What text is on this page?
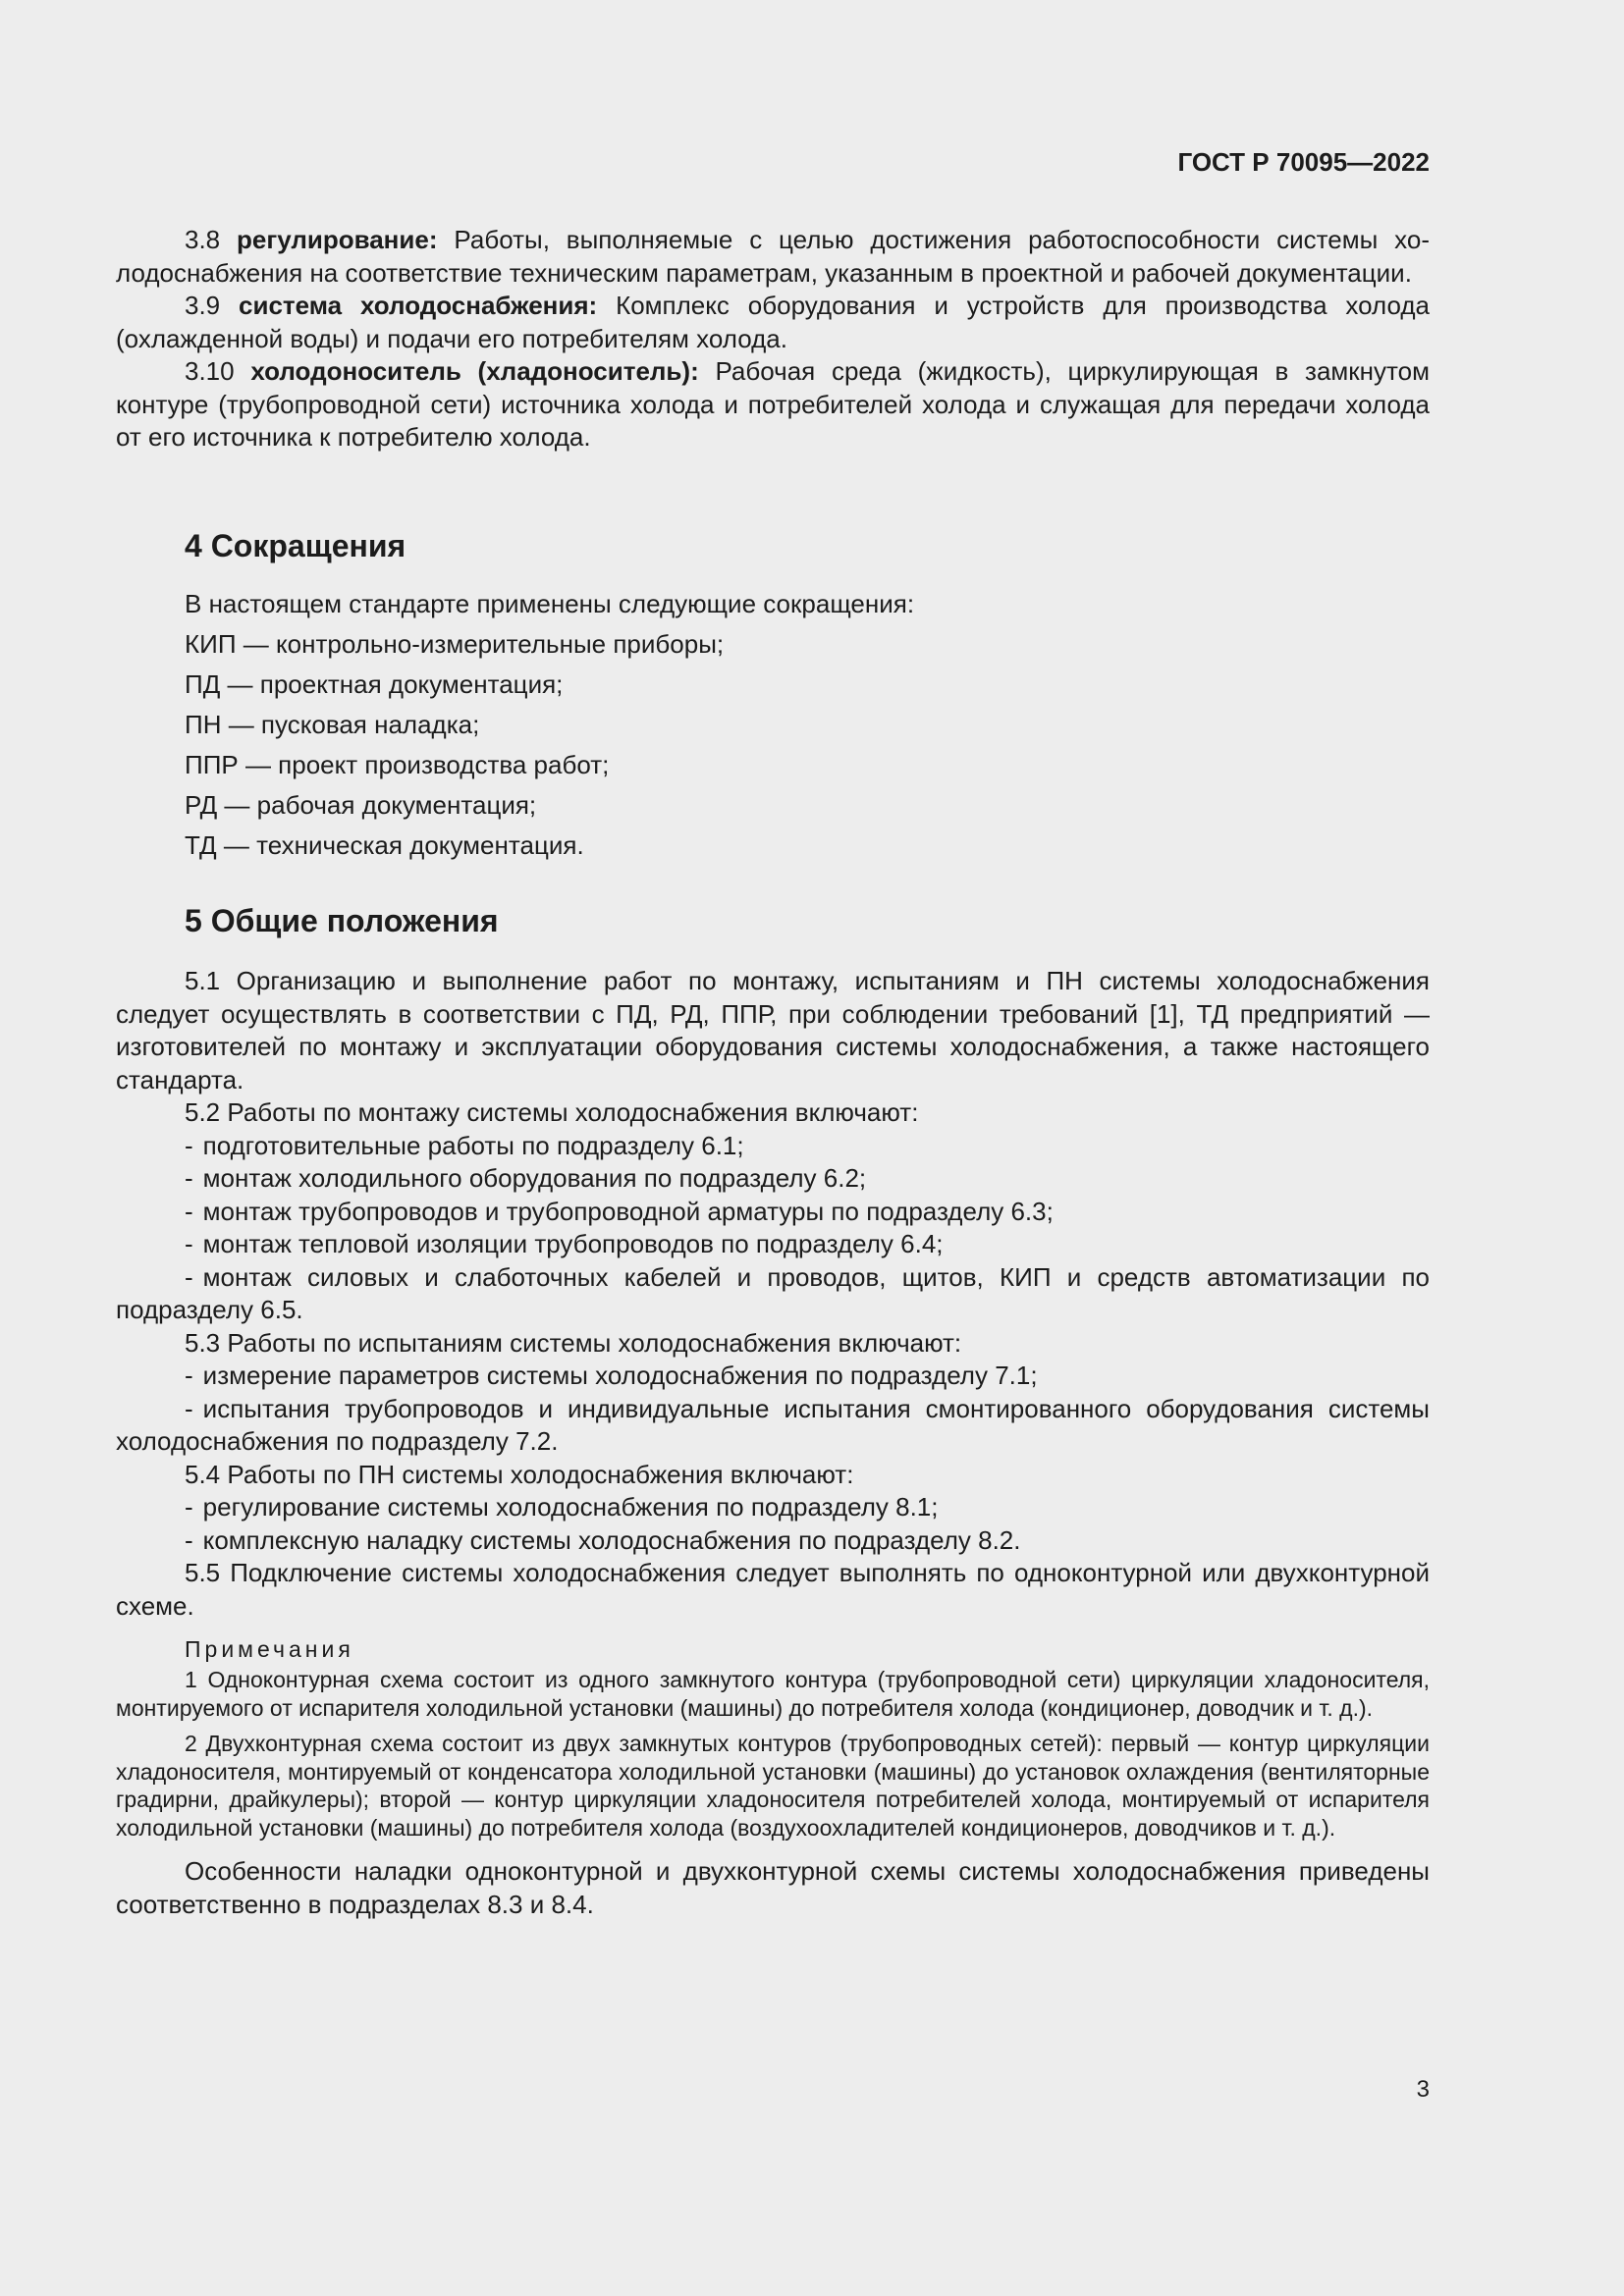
ГОСТ Р 70095—2022

3.8 регулирование: Работы, выполняемые с целью достижения работоспособности системы холодоснабжения на соответствие техническим параметрам, указанным в проектной и рабочей документации.

3.9 система холодоснабжения: Комплекс оборудования и устройств для производства холода (охлажденной воды) и подачи его потребителям холода.

3.10 холодоноситель (хладоноситель): Рабочая среда (жидкость), циркулирующая в замкнутом контуре (трубопроводной сети) источника холода и потребителей холода и служащая для передачи холода от его источника к потребителю холода.

4 Сокращения

В настоящем стандарте применены следующие сокращения:

КИП — контрольно-измерительные приборы;
ПД — проектная документация;
ПН — пусковая наладка;
ППР — проект производства работ;
РД — рабочая документация;
ТД — техническая документация.
5 Общие положения

5.1 Организацию и выполнение работ по монтажу, испытаниям и ПН системы холодоснабжения следует осуществлять в соответствии с ПД, РД, ППР, при соблюдении требований [1], ТД предприятий — изготовителей по монтажу и эксплуатации оборудования системы холодоснабжения, а также настоящего стандарта.

5.2 Работы по монтажу системы холодоснабжения включают:

- подготовительные работы по подразделу 6.1;

- монтаж холодильного оборудования по подразделу 6.2;

- монтаж трубопроводов и трубопроводной арматуры по подразделу 6.3;

- монтаж тепловой изоляции трубопроводов по подразделу 6.4;

- монтаж силовых и слаботочных кабелей и проводов, щитов, КИП и средств автоматизации по подразделу 6.5.

5.3 Работы по испытаниям системы холодоснабжения включают:

- измерение параметров системы холодоснабжения по подразделу 7.1;

- испытания трубопроводов и индивидуальные испытания смонтированного оборудования системы холодоснабжения по подразделу 7.2.

5.4 Работы по ПН системы холодоснабжения включают:

- регулирование системы холодоснабжения по подразделу 8.1;

- комплексную наладку системы холодоснабжения по подразделу 8.2.

5.5 Подключение системы холодоснабжения следует выполнять по одноконтурной или двухконтурной схеме.

Примечания

1 Одноконтурная схема состоит из одного замкнутого контура (трубопроводной сети) циркуляции хладоносителя, монтируемого от испарителя холодильной установки (машины) до потребителя холода (кондиционер, доводчик и т. д.).

2 Двухконтурная схема состоит из двух замкнутых контуров (трубопроводных сетей): первый — контур циркуляции хладоносителя, монтируемый от конденсатора холодильной установки (машины) до установок охлаждения (вентиляторные градирни, драйкулеры); второй — контур циркуляции хладоносителя потребителей холода, монтируемый от испарителя холодильной установки (машины) до потребителя холода (воздухоохладителей кондиционеров, доводчиков и т. д.).

Особенности наладки одноконтурной и двухконтурной схемы системы холодоснабжения приведены соответственно в подразделах 8.3 и 8.4.

3
